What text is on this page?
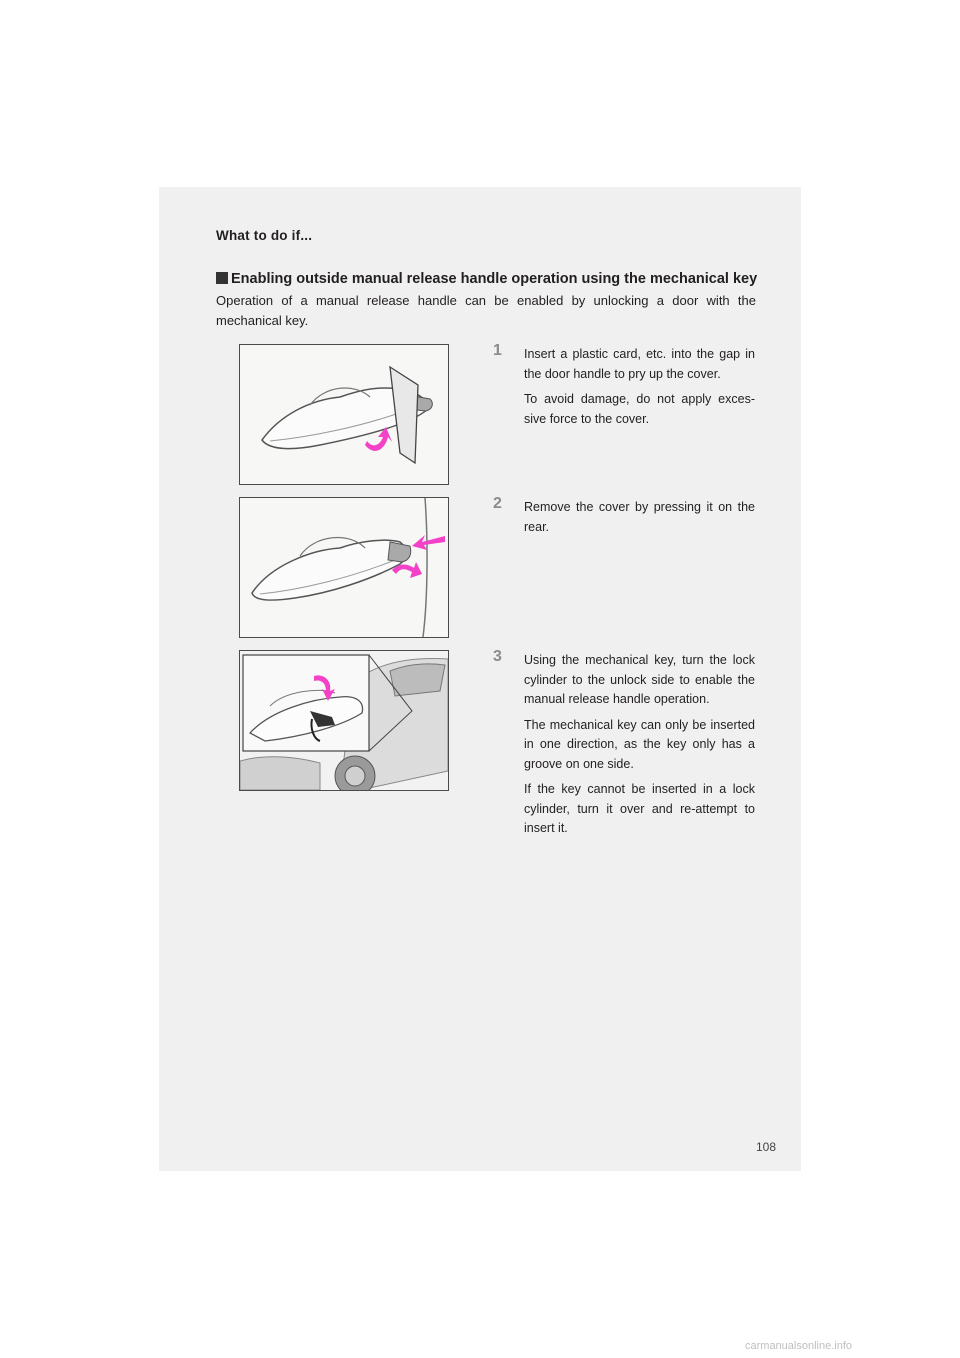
What to do if...
Enabling outside manual release handle operation using the mechanical key
Operation of a manual release handle can be enabled by unlocking a door with the mechanical key.
1 Insert a plastic card, etc. into the gap in the door handle to pry up the cover.

To avoid damage, do not apply exces-sive force to the cover.

2 Remove the cover by pressing it on the rear.

3 Using the mechanical key, turn the lock cylinder to the unlock side to enable the manual release handle operation.

The mechanical key can only be inserted in one direction, as the key only has a groove on one side.

If the key cannot be inserted in a lock cylinder, turn it over and re-attempt to insert it.

108
carmanualsonline.info
